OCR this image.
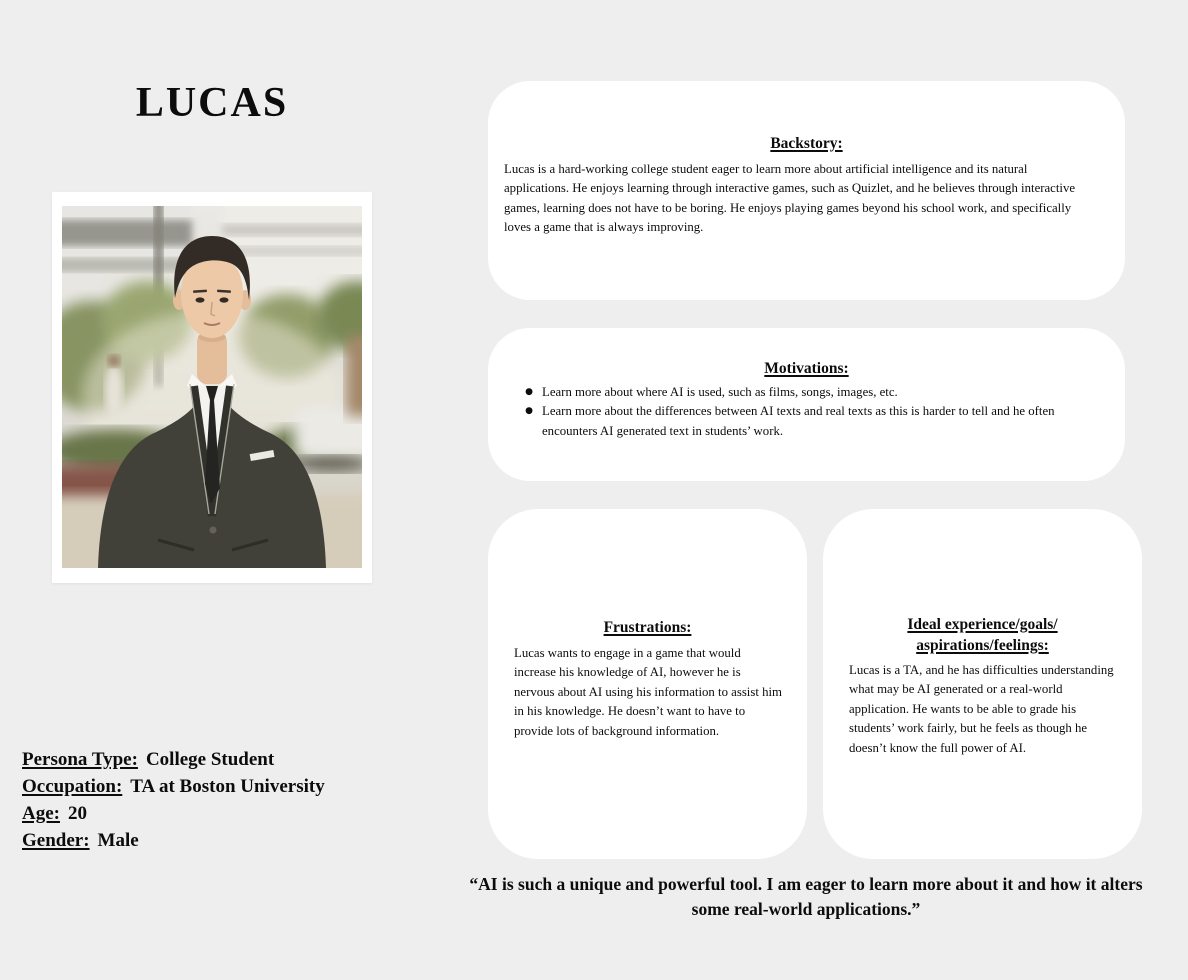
LUCAS
Persona Type: College Student
Occupation: TA at Boston University
Age: 20
Gender: Male
Backstory:
Lucas is a hard-working college student eager to learn more about artificial intelligence and its natural applications. He enjoys learning through interactive games, such as Quizlet, and he believes through interactive games, learning does not have to be boring. He enjoys playing games beyond his school work, and specifically loves a game that is always improving.
Motivations:
● Learn more about where AI is used, such as films, songs, images, etc.
● Learn more about the differences between AI texts and real texts as this is harder to tell and he often encounters AI generated text in students’ work.
Frustrations:
Lucas wants to engage in a game that would increase his knowledge of AI, however he is nervous about AI using his information to assist him in his knowledge. He doesn’t want to have to provide lots of background information.
Ideal experience/goals/
aspirations/feelings:
Lucas is a TA, and he has difficulties understanding what may be AI generated or a real-world application. He wants to be able to grade his students’ work fairly, but he feels as though he doesn’t know the full power of AI.
“AI is such a unique and powerful tool. I am eager to learn more about it and how it alters some real-world applications.”
